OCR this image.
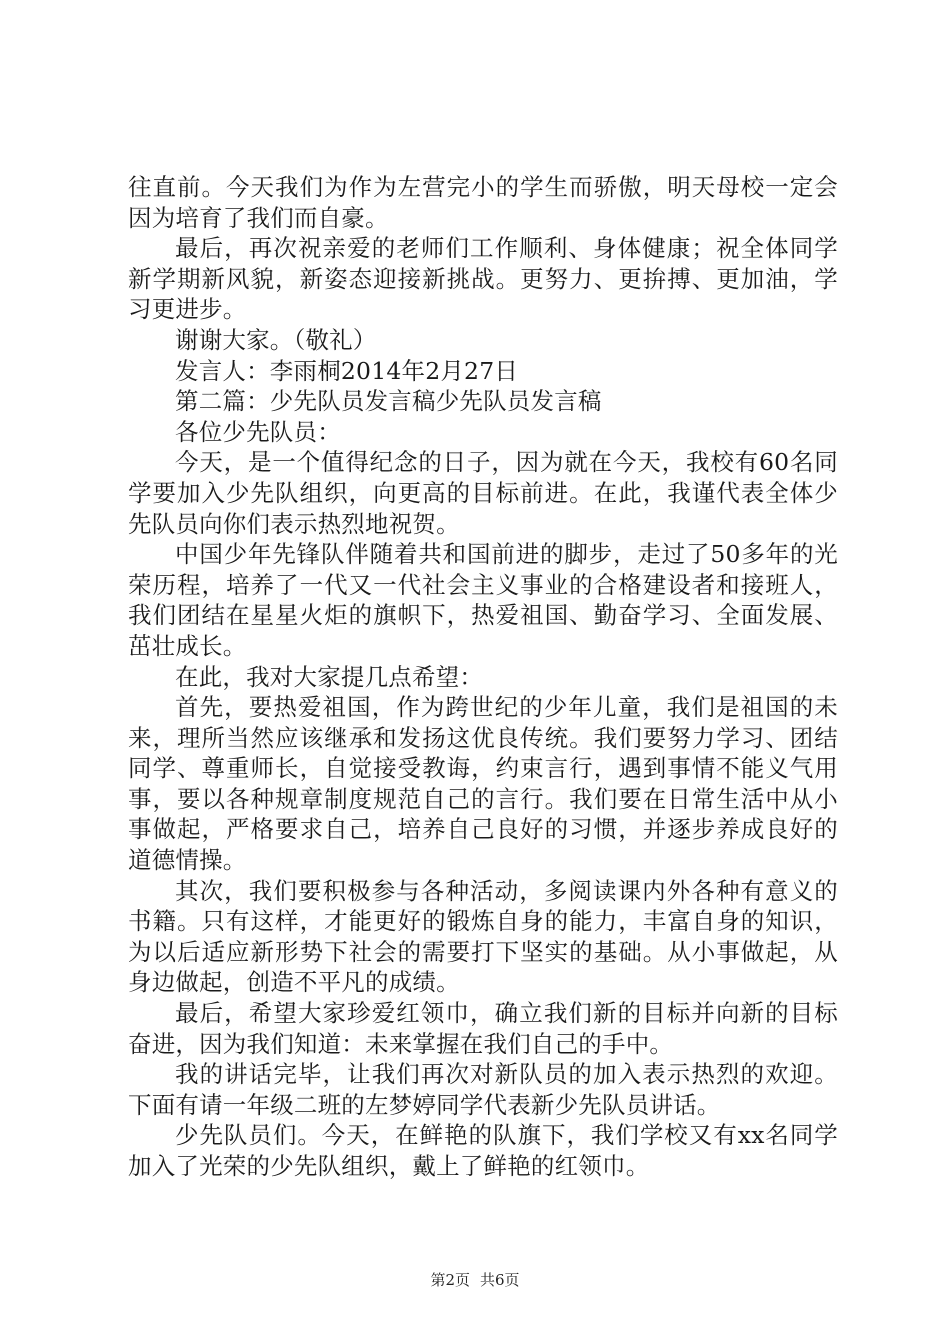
往直前。今天我们为作为左营完小的学生而骄傲，明天母校一定会因为培育了我们而自豪。

最后，再次祝亲爱的老师们工作顺利、身体健康；祝全体同学新学期新风貌，新姿态迎接新挑战。更努力、更拚搏、更加油，学习更进步。

谢谢大家。（敬礼）

发言人：李雨桐2014年2月27日

第二篇：少先队员发言稿少先队员发言稿

各位少先队员：

今天，是一个值得纪念的日子，因为就在今天，我校有60名同学要加入少先队组织，向更高的目标前进。在此，我谨代表全体少先队员向你们表示热烈地祝贺。

中国少年先锋队伴随着共和国前进的脚步，走过了50多年的光荣历程，培养了一代又一代社会主义事业的合格建设者和接班人，我们团结在星星火炬的旗帜下，热爱祖国、勤奋学习、全面发展、茁壮成长。

在此，我对大家提几点希望：

首先，要热爱祖国，作为跨世纪的少年儿童，我们是祖国的未来，理所当然应该继承和发扬这优良传统。我们要努力学习、团结同学、尊重师长，自觉接受教诲，约束言行，遇到事情不能义气用事，要以各种规章制度规范自己的言行。我们要在日常生活中从小事做起，严格要求自己，培养自己良好的习惯，并逐步养成良好的道德情操。

其次，我们要积极参与各种活动，多阅读课内外各种有意义的书籍。只有这样，才能更好的锻炼自身的能力，丰富自身的知识，为以后适应新形势下社会的需要打下坚实的基础。从小事做起，从身边做起，创造不平凡的成绩。

最后，希望大家珍爱红领巾，确立我们新的目标并向新的目标奋进，因为我们知道：未来掌握在我们自己的手中。

我的讲话完毕，让我们再次对新队员的加入表示热烈的欢迎。下面有请一年级二班的左梦婷同学代表新少先队员讲话。

少先队员们。今天，在鲜艳的队旗下，我们学校又有xx名同学加入了光荣的少先队组织，戴上了鲜艳的红领巾。

第2页 共6页
